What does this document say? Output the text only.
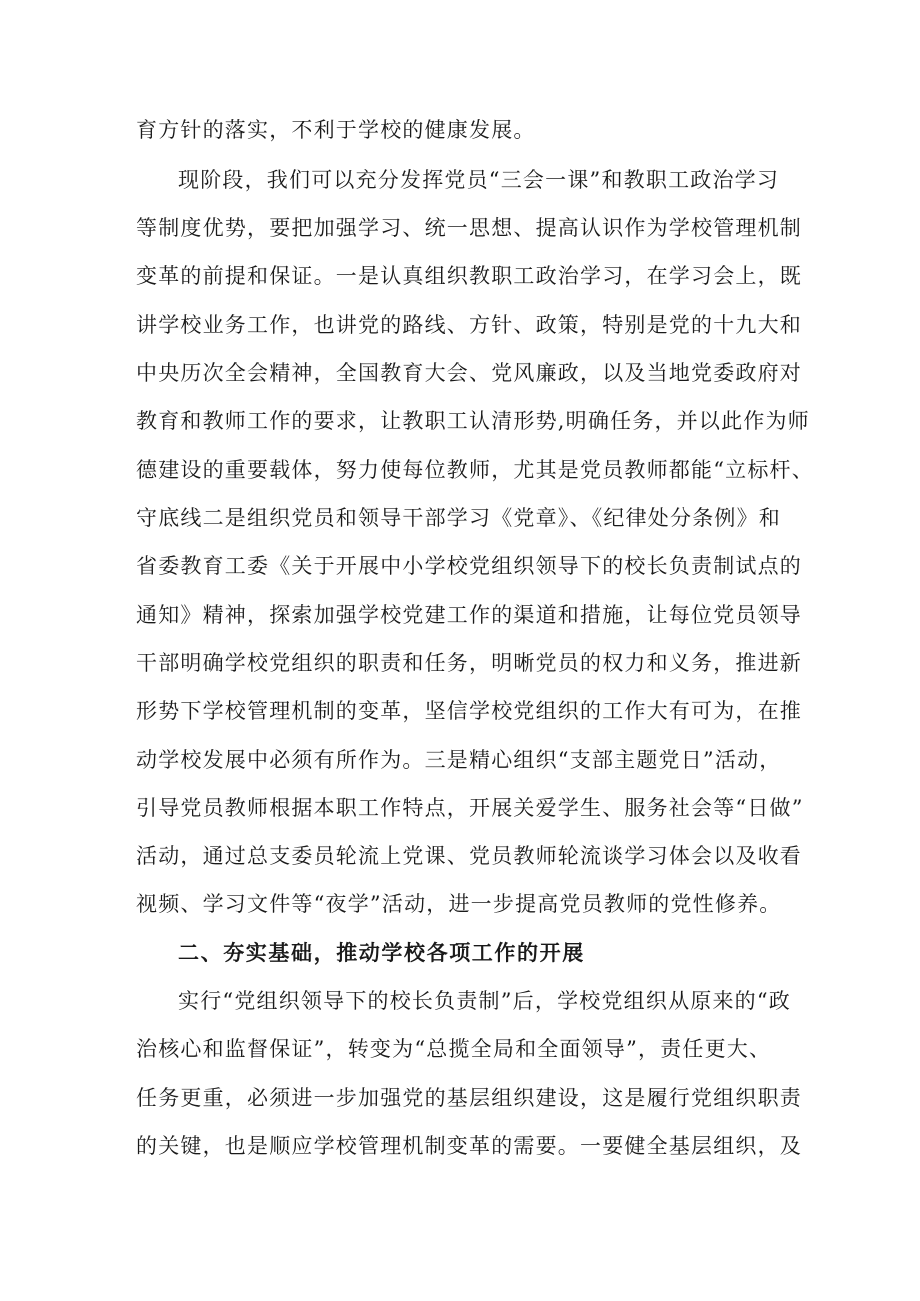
育方针的落实，不利于学校的健康发展。
现阶段，我们可以充分发挥党员“三会一课”和教职工政治学习
等制度优势，要把加强学习、统一思想、提高认识作为学校管理机制
变革的前提和保证。一是认真组织教职工政治学习，在学习会上，既
讲学校业务工作，也讲党的路线、方针、政策，特别是党的十九大和
中央历次全会精神，全国教育大会、党风廉政，以及当地党委政府对
教育和教师工作的要求，让教职工认清形势,明确任务，并以此作为师
德建设的重要载体，努力使每位教师，尤其是党员教师都能“立标杆、
守底线二是组织党员和领导干部学习《党章》、《纪律处分条例》和
省委教育工委《关于开展中小学校党组织领导下的校长负责制试点的
通知》精神，探索加强学校党建工作的渠道和措施，让每位党员领导
干部明确学校党组织的职责和任务，明晰党员的权力和义务，推进新
形势下学校管理机制的变革，坚信学校党组织的工作大有可为，在推
动学校发展中必须有所作为。三是精心组织“支部主题党日”活动，
引导党员教师根据本职工作特点，开展关爱学生、服务社会等“日做”
活动，通过总支委员轮流上党课、党员教师轮流谈学习体会以及收看
视频、学习文件等“夜学”活动，进一步提高党员教师的党性修养。
二、夯实基础，推动学校各项工作的开展
实行“党组织领导下的校长负责制”后，学校党组织从原来的“政
治核心和监督保证”，转变为“总揽全局和全面领导”，责任更大、
任务更重，必须进一步加强党的基层组织建设，这是履行党组织职责
的关键，也是顺应学校管理机制变革的需要。一要健全基层组织，及
